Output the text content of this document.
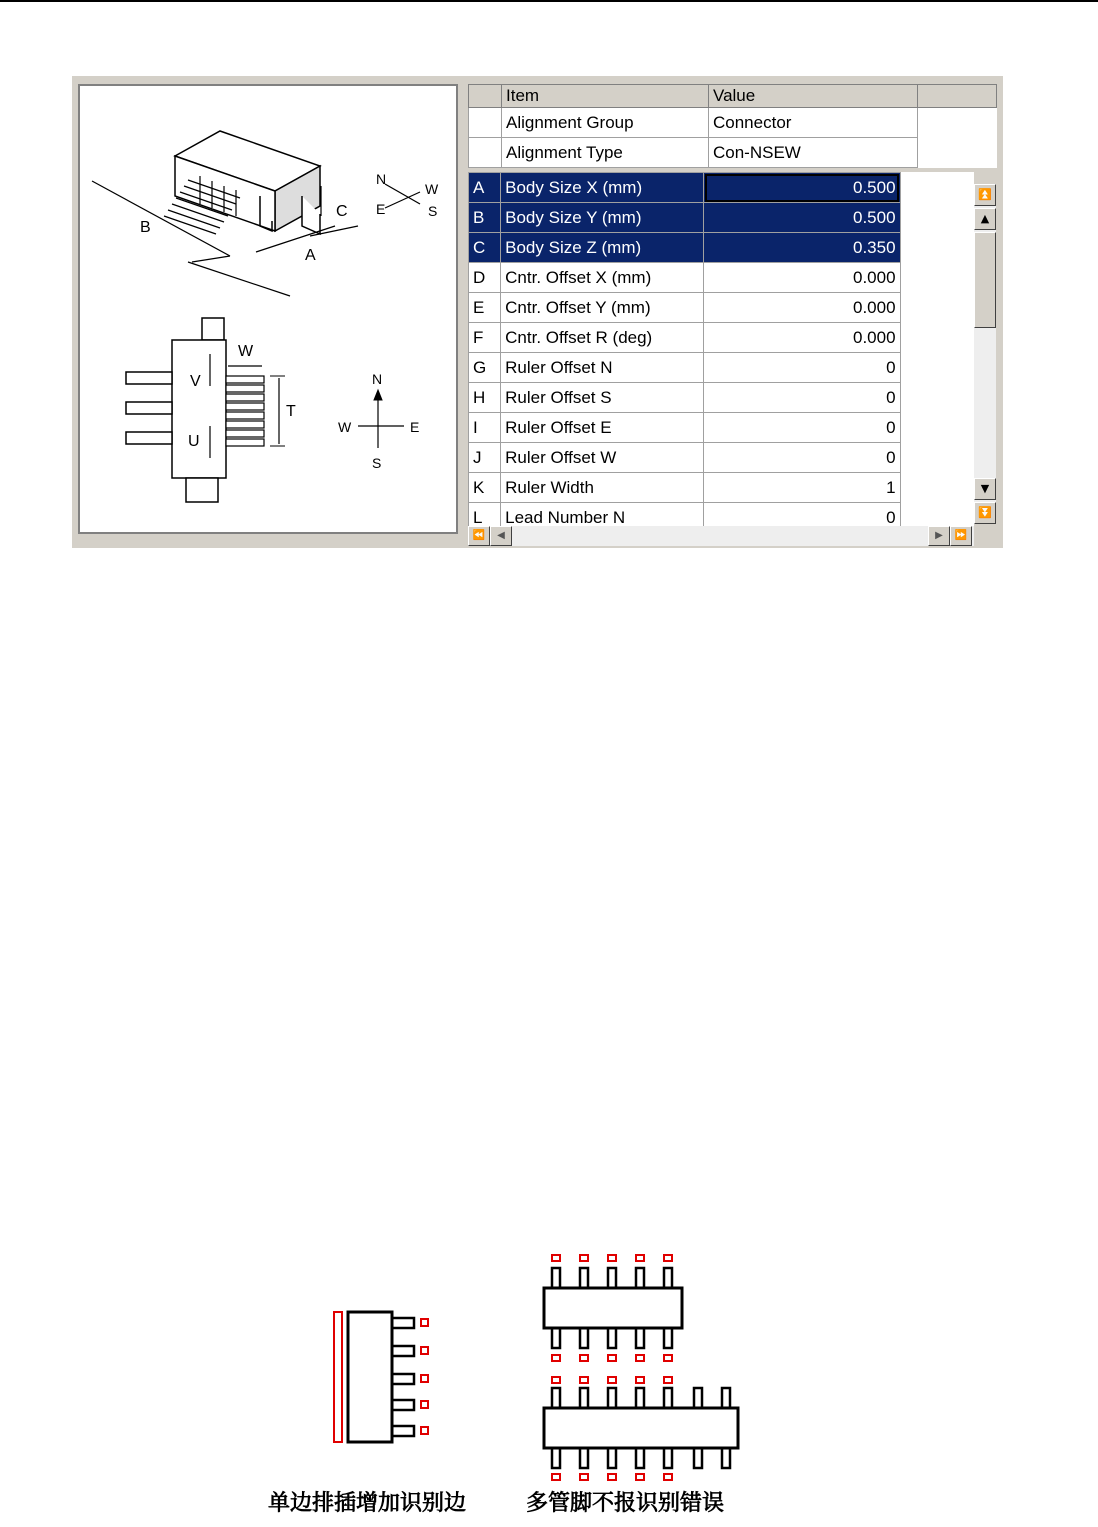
B
A
C
N
E
W
S
W
V
U
T
N
S
W	E
	Item	Value	
	Alignment Group	Connector	
	Alignment Type	Con-NSEW	
A	Body Size X (mm)	0.500	
B	Body Size Y (mm)	0.500	
C	Body Size Z (mm)	0.350	
D	Cntr. Offset X (mm)	0.000	
E	Cntr. Offset Y (mm)	0.000	
F	Cntr. Offset R (deg)	0.000	
G	Ruler Offset N	0	
H	Ruler Offset S	0	
I	Ruler Offset E	0	
J	Ruler Offset W	0	
K	Ruler Width	1	
L	Lead Number N	0	
⏫
▲
▼
⏬
⏪	◀	▶	⏩
单边排插增加识别边	多管脚不报识别错误
